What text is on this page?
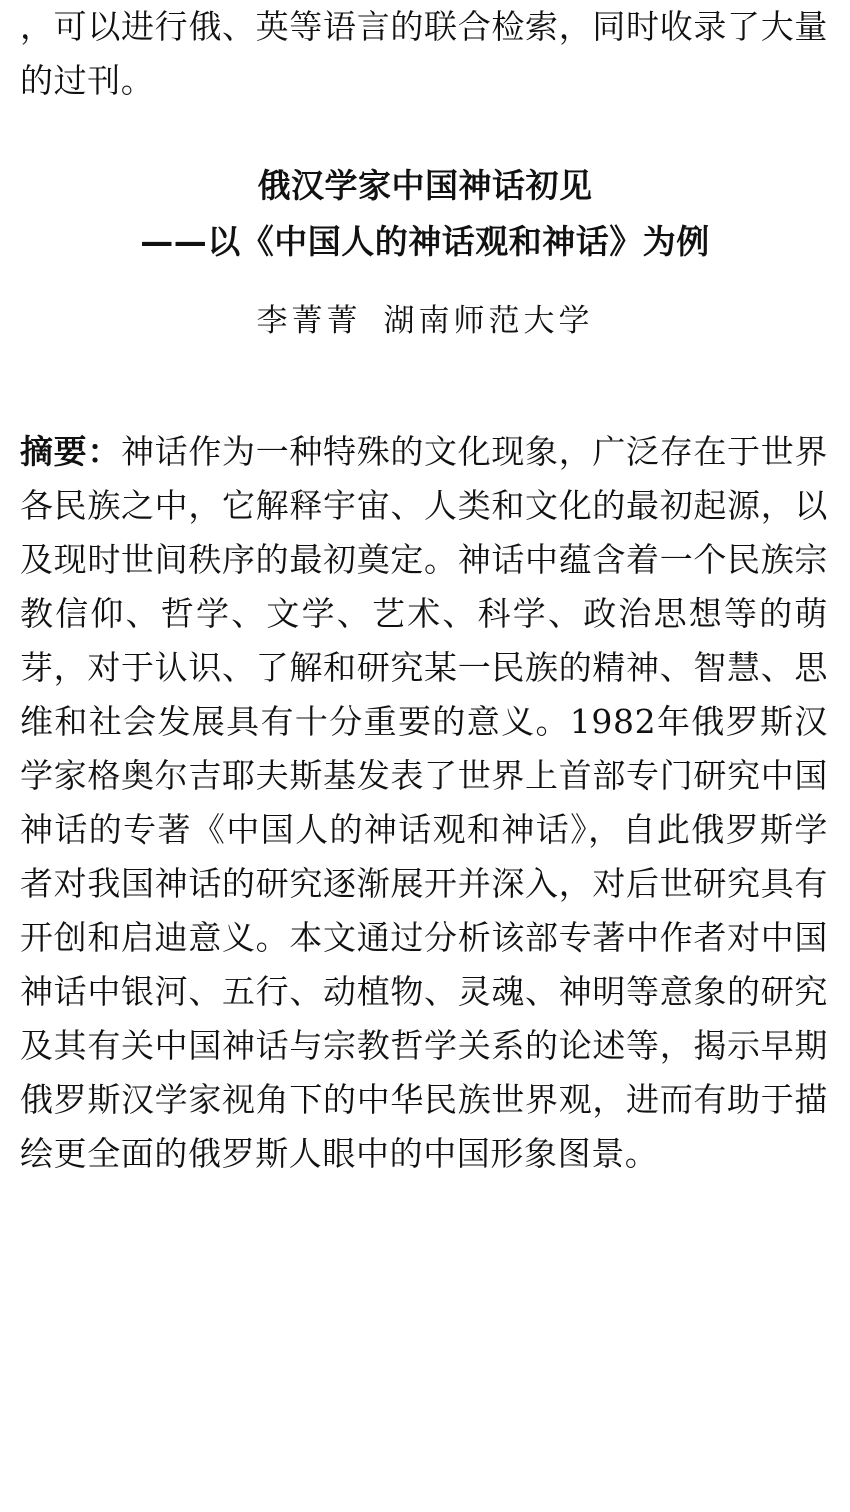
，可以进行俄、英等语言的联合检索，同时收录了大量的过刊。

俄汉学家中国神话初见
——以《中国人的神话观和神话》为例
李菁菁 湖南师范大学

摘要：神话作为一种特殊的文化现象，广泛存在于世界各民族之中，它解释宇宙、人类和文化的最初起源，以及现时世间秩序的最初奠定。神话中蕴含着一个民族宗教信仰、哲学、文学、艺术、科学、政治思想等的萌芽，对于认识、了解和研究某一民族的精神、智慧、思维和社会发展具有十分重要的意义。1982年俄罗斯汉学家格奥尔吉耶夫斯基发表了世界上首部专门研究中国神话的专著《中国人的神话观和神话》，自此俄罗斯学者对我国神话的研究逐渐展开并深入，对后世研究具有开创和启迪意义。本文通过分析该部专著中作者对中国神话中银河、五行、动植物、灵魂、神明等意象的研究及其有关中国神话与宗教哲学关系的论述等，揭示早期俄罗斯汉学家视角下的中华民族世界观，进而有助于描绘更全面的俄罗斯人眼中的中国形象图景。
